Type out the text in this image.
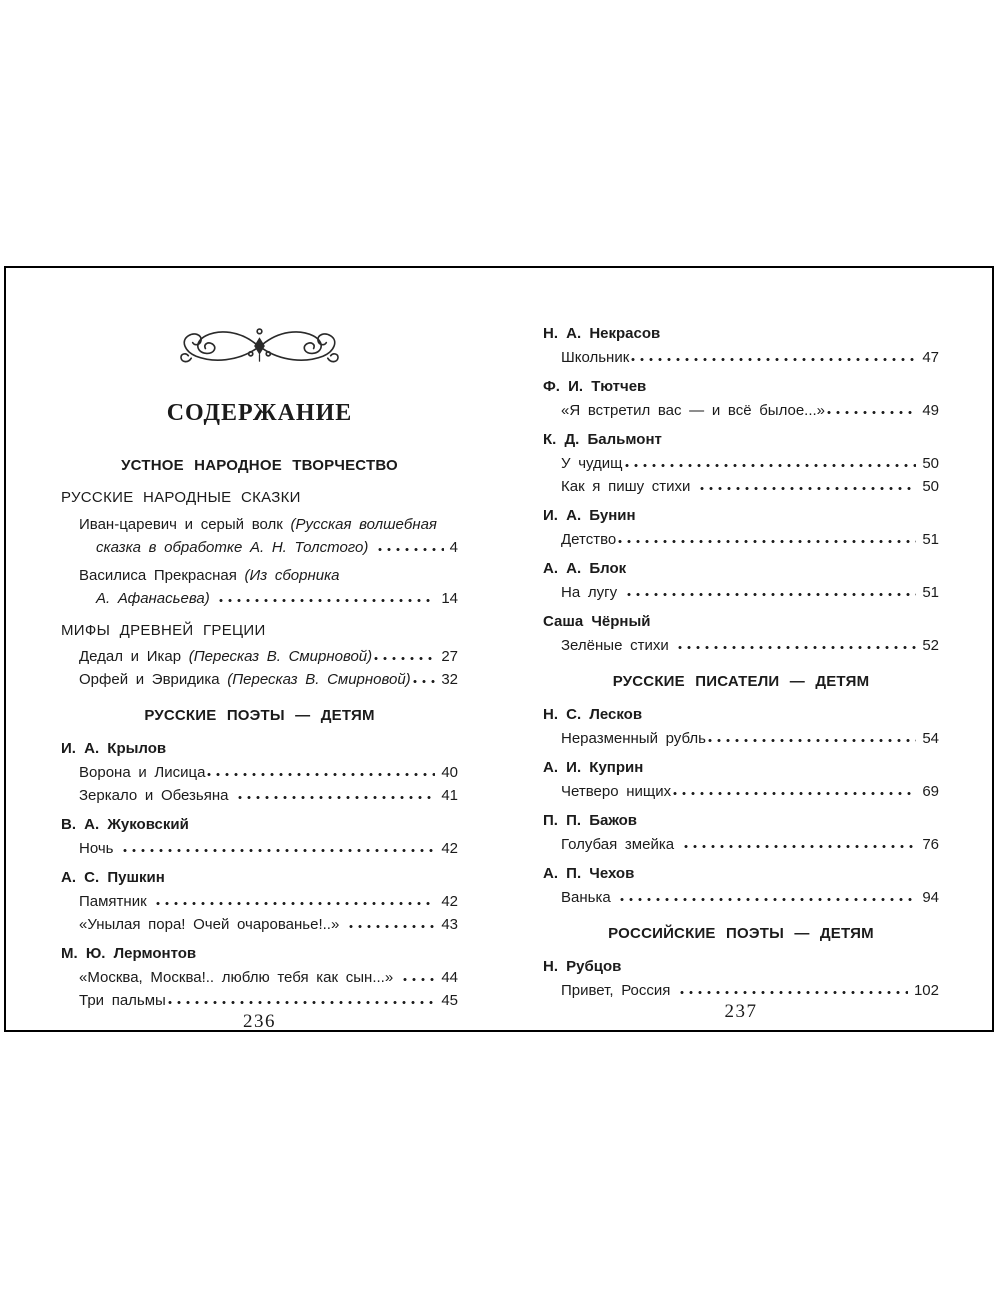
СОДЕРЖАНИЕ
УСТНОЕ НАРОДНОЕ ТВОРЧЕСТВО
РУССКИЕ НАРОДНЫЕ СКАЗКИ
Иван-царевич и серый волк (Русская волшебная
сказка в обработке А. Н. Толстого)	4
Василиса Прекрасная (Из сборника
А. Афанасьева)	14
МИФЫ ДРЕВНЕЙ ГРЕЦИИ
Дедал и Икар (Пересказ В. Смирновой)	27
Орфей и Эвридика (Пересказ В. Смирновой) 32
РУССКИЕ ПОЭТЫ — ДЕТЯМ
И. А. Крылов
Ворона и Лисица	40
Зеркало и Обезьяна	41
В. А. Жуковский
Ночь	42
А. С. Пушкин
Памятник	42
«Унылая пора! Очей очарованье!..»	43
М. Ю. Лермонтов
«Москва, Москва!.. люблю тебя как сын...»	44
Три пальмы	45
236
Н. А. Некрасов
Школьник	47
Ф. И. Тютчев
«Я встретил вас — и всё былое...»	49
К. Д. Бальмонт
У чудищ	50
Как я пишу стихи	50
И. А. Бунин
Детство	51
А. А. Блок
На лугу	51
Саша Чёрный
Зелёные стихи	52
РУССКИЕ ПИСАТЕЛИ — ДЕТЯМ
Н. С. Лесков
Неразменный рубль	54
А. И. Куприн
Четверо нищих	69
П. П. Бажов
Голубая змейка	76
А. П. Чехов
Ванька	94
РОССИЙСКИЕ ПОЭТЫ — ДЕТЯМ
Н. Рубцов
Привет, Россия	102
237
